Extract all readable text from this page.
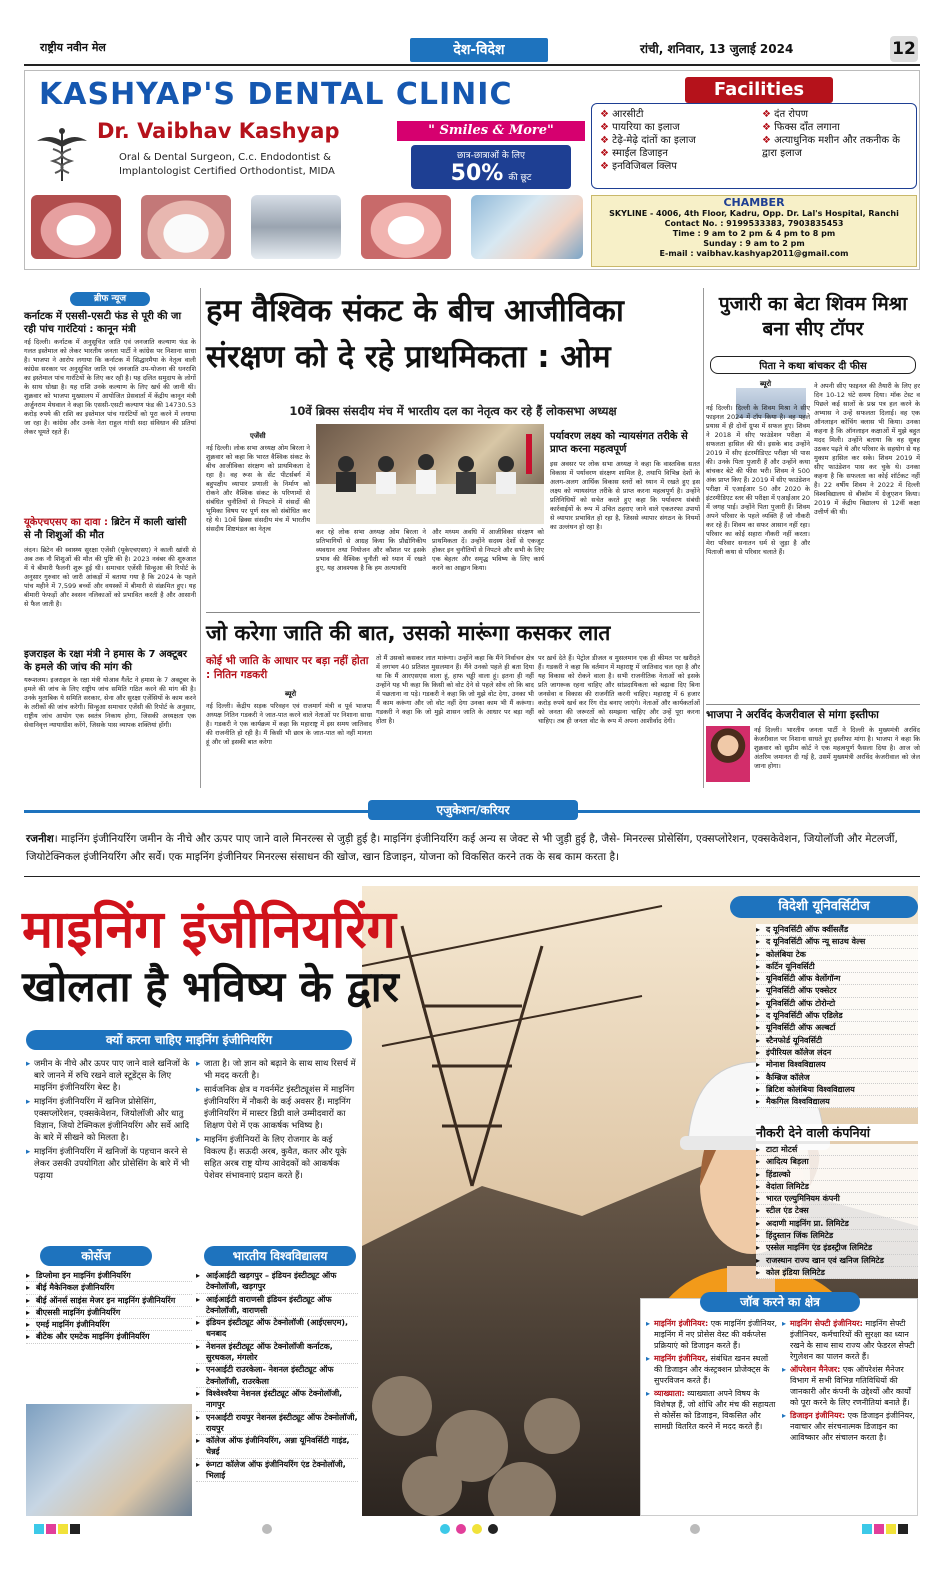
राष्ट्रीय नवीन मेल	देश-विदेश	रांची, शनिवार, 13 जुलाई 2024	12
KASHYAP'S DENTAL CLINIC
Dr. Vaibhav Kashyap
Oral & Dental Surgeon, C.c. Endodontist &
Implantologist Certified Orthodontist, MIDA
" Smiles & More"
छात्र-छात्राओं के लिए
50% की छूट
Facilities
❖ आरसीटी
❖ पायरिया का इलाज
❖ टेढ़े-मेढ़े दांतों का इलाज
❖ स्माईल डिजाइन
❖ इनविजिबल क्लिप
❖ दंत रोपण
❖ फिक्स दाँत लगाना
❖ अत्याधुनिक मशीन और तकनीक के द्वारा इलाज
CHAMBER
SKYLINE - 4006, 4th Floor, Kadru, Opp. Dr. Lal's Hospital, Ranchi
Contact No. : 9199533383, 7903835453
Time : 9 am to 2 pm & 4 pm to 8 pm
Sunday : 9 am to 2 pm
E-mail : vaibhav.kashyap2011@gmail.com
ब्रीफ न्यूज
कर्नाटक में एससी-एसटी फंड से पूरी की जा रही पांच गारंटियां : कानून मंत्री
नई दिल्ली। कर्नाटक में अनुसूचित जाति एवं जनजाति कल्याण फंड के गलत इस्तेमाल को लेकर भारतीय जनता पार्टी ने कांग्रेस पर निशाना साधा है। भाजपा ने आरोप लगाया कि कर्नाटक में सिद्धारमैया के नेतृत्व वाली कांग्रेस सरकार पर अनुसूचित जाति एवं जनजाति उप-योजना की धनराशि का इस्तेमाल पांच गारंटियों के लिए कर रही है। यह दलित समुदाय के लोगों के साथ धोखा है। यह राशि उनके कल्याण के लिए खर्च की जानी थी। शुक्रवार को भाजपा मुख्यालय में आयोजित प्रेसवार्ता में केंद्रीय कानून मंत्री अर्जुनराम मेघवाल ने कहा कि एससी-एसटी कल्याण फंड की 14730.53 करोड़ रुपये की राशि का इस्तेमाल पांच गारंटियों को पूरा करने में लगाया जा रहा है। कांग्रेस और उनके नेता राहुल गांधी सदा संविधान की प्रतियां लेकर घूमते रहते हैं।
यूकेएचएसए का दावा : ब्रिटेन में काली खांसी से नौ शिशुओं की मौत
लंदन। ब्रिटेन की स्वास्थ्य सुरक्षा एजेंसी (यूकेएचएसए) ने काली खांसी से अब तक नौ शिशुओं की मौत की पुष्टि की है। 2023 नवंबर की शुरुआत में ये बीमारी फैलनी शुरू हुई थी। समाचार एजेंसी सिन्हुआ की रिपोर्ट के अनुसार गुरुवार को जारी आंकड़ों में बताया गया है कि 2024 के पहले पांच महीने में 7,599 बच्चों और वयस्कों में बीमारी से संक्रमित हुए। यह बीमारी फेफड़ों और श्वसन नलिकाओं को प्रभावित करती है और आसानी से फैल जाती है।
इजराइल के रक्षा मंत्री ने हमास के 7 अक्टूबर के हमले की जांच की मांग की
यरूशलम। इजराइल के रक्षा मंत्री योआव गैलेंट ने हमास के 7 अक्टूबर के हमले की जांच के लिए राष्ट्रीय जांच समिति गठित करने की मांग की है। उनके मुताबिक ये समिति सरकार, सेना और सुरक्षा एजेंसियों के काम करने के तरीकों की जांच करेगी। सिन्हुआ समाचार एजेंसी की रिपोर्ट के अनुसार, राष्ट्रीय जांच आयोग एक स्वतंत्र निकाय होगा, जिसकी अध्यक्षता एक सेवानिवृत्त न्यायाधीश करेंगे, जिसके पास व्यापक शक्तियां होंगी।
हम वैश्विक संकट के बीच आजीविका
संरक्षण को दे रहे प्राथमिकता : ओम
10वें ब्रिक्स संसदीय मंच में भारतीय दल का नेतृत्व कर रहे हैं लोकसभा अध्यक्ष
एजेंसी
नई दिल्ली। लोक सभा अध्यक्ष ओम बिरला ने शुक्रवार को कहा कि भारत वैश्विक संकट के बीच आजीविका संरक्षण को प्राथमिकता दे रहा है। वह रूस के सेंट पीटर्सबर्ग में बहुपक्षीय व्यापार प्रणाली के निर्माण को रोकने और वैश्विक संकट के परिणामों से संबंधित चुनौतियों से निपटने में संसदों की भूमिका विषय पर पूर्ण सत्र को संबोधित कर रहे थे। 10वें ब्रिक्स संसदीय मंच में भारतीय संसदीय शिष्टमंडल का नेतृत्व	कर रहे लोक सभा अध्यक्ष ओम बिरला ने प्रतिभागियों से आग्रह किया कि प्रौद्योगिकीय व्यवधान तथा नियोजन और कौशल पर इसके प्रभाव की वैश्विक चुनौती को ध्यान में रखते हुए, यह आवश्यक है कि हम अल्पावधि
और मध्यम अवधि में आजीविका संरक्षण को प्राथमिकता दें। उन्होंने सदस्य देशों से एकजुट होकर इन चुनौतियों से निपटने और सभी के लिए एक बेहतर और समृद्ध भविष्य के लिए कार्य करने का आह्वान किया।
पर्यावरण लक्ष्य को न्यायसंगत तरीके से प्राप्त करना महत्वपूर्ण
इस अवसर पर लोक सभा अध्यक्ष ने कहा कि वास्तविक सतत विकास में पर्यावरण संरक्षण शामिल है, तथापि विभिन्न देशों के अलग-अलग आर्थिक विकास स्तरों को ध्यान में रखते हुए इस लक्ष्य को न्यायसंगत तरीके से प्राप्त करना महत्वपूर्ण है। उन्होंने प्रतिनिधियों को सचेत करते हुए कहा कि पर्यावरण संबंधी कार्रवाईयों के रूप में उचित ठहराए जाने वाले एकतरफा उपायों से व्यापार प्रभावित हो रहा है, जिससे व्यापार संगठन के नियमों का उल्लंघन हो रहा है।
जो करेगा जाति की बात, उसको मारूंगा कसकर लात
कोई भी जाति के आधार पर बड़ा नहीं होता : नितिन गडकरी
ब्यूरो
नई दिल्ली। केंद्रीय सड़क परिवहन एवं राजमार्ग मंत्री व पूर्व भाजपा अध्यक्ष नितिन गडकरी ने जात-पात करने वाले नेताओं पर निशाना साधा है। गडकरी ने एक कार्यक्रम में कहा कि महाराष्ट्र में इस समय जातिवाद की राजनीति हो रही है। मैं किसी भी छात्र के जात-पात को नहीं मानता हूं और जो इसकी बात करेगा
तो मैं उसको कसकर लात मारूंगा। उन्होंने कहा कि मैंने निर्वाचन क्षेत्र में लगभग 40 प्रतिशत मुसलमान हैं। मैंने उनको पहले ही बता दिया था कि मैं आरएसएस वाला हूं, हाफ चड्ढी वाला हूं। इतना ही नहीं उन्होंने यह भी कहा कि किसी को वोट देने से पहले सोच लो कि बाद में पछताना ना पड़े। गडकरी ने कहा कि जो मुझे वोट देगा, उनका भी मैं काम करूंगा और जो वोट नहीं देगा उनका काम भी मैं करूंगा। गडकरी ने कहा कि जो मुझे शासन जाति के आधार पर बड़ा नहीं होता है।
पर ख़र्च देते हैं। पेट्रोल डीजल व मुसलमान एक ही कीमत पर खरीदते हैं। गडकरी ने कहा कि वर्तमान में महाराष्ट्र में जातिवाद चल रहा है और यह विकास को रोकने वाला है। सभी राजनीतिक नेताओं को इसके प्रति जागरूक रहना चाहिए और सांप्रदायिकता को बढ़ावा दिए बिना जनसेवा व विकास की राजनीति करनी चाहिए। महाराष्ट्र में 6 हजार करोड़ रुपये खर्च कर रिंग रोड बनाए जाएंगे। नेताओं और कार्यकर्ताओं को जनता की जरूरतों को समझना चाहिए और उन्हें पूरा करना चाहिए। तब ही जनता वोट के रूप में अपना आशीर्वाद देगी।
पुजारी का बेटा शिवम मिश्रा बना सीए टॉपर
पिता ने कथा बांचकर दी फीस
ब्यूरो
नई दिल्ली। दिल्ली के शिवम मिश्रा ने सीए फाइनल 2024 में टॉप किया है। वह पहले प्रयास में ही दोनों ग्रुप्स में सफल हुए। शिवम ने 2018 में सीए फाउंडेशन परीक्षा में सफलता हासिल की थी। इसके बाद उन्होंने 2019 में सीए इंटरमीडिएट परीक्षा भी पास की। उनके पिता पुजारी हैं और उन्होंने कथा बांचकर बेटे की फीस भरी। शिवम ने 500 अंक प्राप्त किए हैं। 2019 में सीए फाउंडेशन परीक्षा में एआईआर 50 और 2020 के इंटरमीडिएट स्तर की परीक्षा में एआईआर 20 में जगह पाई। उन्होंने पिता पुजारी हैं। शिवम अपने परिवार के पहले व्यक्ति हैं जो नौकरी कर रहे हैं। शिवम का सफर आसान नहीं रहा। परिवार का कोई सहारा नौकरी नहीं करता। मेरा परिवार सनातन धर्म से जुड़ा है और पिताजी कथा से परिवार चलाते हैं।
ने अपनी सीए फाइनल की तैयारी के लिए हर दिन 10-12 घंटे समय दिया। मॉक टेस्ट व पिछले कई सालों के प्रश्न पत्र हल करने के अभ्यास ने उन्हें सफलता दिलाई। वह एक ऑनलाइन कोचिंग क्लास भी किया। उनका कहना है कि ऑनलाइन कक्षाओं में मुझे बहुत मदद मिली। उन्होंने बताया कि वह सुबह उठकर पढ़ते थे और परिवार के सहयोग से यह मुकाम हासिल कर सके। शिवम 2019 में सीए फाउंडेशन पास कर चुके थे। उनका कहना है कि सफलता का कोई शॉर्टकट नहीं है। 22 वर्षीय शिवम ने 2022 में दिल्ली विश्वविद्यालय से बीकॉम में ग्रेजुएशन किया। 2019 में केंद्रीय विद्यालय से 12वीं कक्षा उत्तीर्ण की थी।
भाजपा ने अरविंद केजरीवाल से मांगा इस्तीफा
नई दिल्ली। भारतीय जनता पार्टी ने दिल्ली के मुख्यमंत्री अरविंद केजरीवाल पर निशाना साधते हुए इस्तीफा मांगा है। भाजपा ने कहा कि शुक्रवार को सुप्रीम कोर्ट ने एक महत्वपूर्ण फैसला दिया है। आज जो अंतरिम जमानत दी गई है, उसमें मुख्यमंत्री अरविंद केजरीवाल को जेल जाना होगा।
एजुकेशन/करियर
रजनीश। माइनिंग इंजीनियरिंग जमीन के नीचे और ऊपर पाए जाने वाले मिनरल्स से जुड़ी हुई है। माइनिंग इंजीनियरिंग कई अन्य स जेक्ट से भी जुड़ी हुई है, जैसे- मिनरल्स प्रोसेसिंग, एक्सप्लोरेशन, एक्सकेवेशन, जियोलॉजी और मेटलर्जी, जियोटेक्निकल इंजीनियरिंग और सर्वे। एक माइनिंग इंजीनियर मिनरल्स संसाधन की खोज, खान डिजाइन, योजना को विकसित करने तक के सब काम करता है।
माइनिंग इंजीनियरिंग
खोलता है भविष्य के द्वार
क्यों करना चाहिए माइनिंग इंजीनियरिंग
▸ जमीन के नीचे और ऊपर पाए जाने वाले खनिजों के बारे जानने में रुचि रखने वाले स्टूडेंट्स के लिए माइनिंग इंजीनियरिंग बेस्ट है।
▸ माइनिंग इंजीनियरिंग में खनिज प्रोसेसिंग, एक्सप्लोरेशन, एक्सकेवेशन, जियोलॉजी और धातु विज्ञान, जियो टेक्निकल इंजीनियरिंग और सर्वे आदि के बारे में सीखने को मिलता है।
▸ माइनिंग इंजीनियरिंग में खनिजों के पहचान करने से लेकर उसकी उपयोगिता और प्रोसेसिंग के बारे में भी पढ़ाया
▸ जाता है। जो ज्ञान को बढ़ाने के साथ साथ रिसर्च में भी मदद करती है।
▸ सार्वजनिक क्षेत्र व गवर्नमेंट इंस्टीट्यूशंस में माइनिंग इंजीनियरिंग में नौकरी के कई अवसर हैं। माइनिंग इंजीनियरिंग में मास्टर डिग्री वाले उम्मीदवारों का शिक्षण पेशे में एक आकर्षक भविष्य है।
▸ माइनिंग इंजीनियरों के लिए रोजगार के कई विकल्प हैं। सऊदी अरब, कुवैत, कतर और यूके सहित अरब राष्ट्र योग्य आवेदकों को आकर्षक पेशेवर संभावनाएं प्रदान करते हैं।
कोर्सेज
▸ डिप्लोमा इन माइनिंग इंजीनियरिंग
▸ बीई मैकेनिकल इंजीनियरिंग
▸ बीई ऑनर्स साइंस मेजर इन माइनिंग इंजीनियरिंग
▸ बीएससी माइनिंग इंजीनियरिंग
▸ एमई माइनिंग इंजीनियरिंग
▸ बीटेक और एमटेक माइनिंग इंजीनियरिंग
भारतीय विश्वविद्यालय
▸ आईआईटी खड़गपुर – इंडियन इंस्टीट्यूट ऑफ टेक्नोलॉजी, खड़गपुर
▸ आईआईटी वाराणसी इंडियन इंस्टीट्यूट ऑफ टेक्नोलॉजी, वाराणसी
▸ इंडियन इंस्टीट्यूट ऑफ टेक्नोलॉजी (आईएसएम), धनबाद
▸ नेशनल इंस्टीट्यूट ऑफ टेक्नोलॉजी कर्नाटक, सुरथकल, मंगलोर
▸ एनआईटी राउरकेला- नेशनल इंस्टीट्यूट ऑफ टेक्नोलॉजी, राउरकेला
▸ विश्वेश्वरैया नेशनल इंस्टीट्यूट ऑफ टेक्नोलॉजी, नागपुर
▸ एनआईटी रायपुर नेशनल इंस्टीट्यूट ऑफ टेक्नोलॉजी, रायपुर
▸ कॉलेज ऑफ इंजीनियरिंग, अन्ना यूनिवर्सिटी गाइंड, चेन्नई
▸ रूंगटा कॉलेज ऑफ इंजीनियरिंग एंड टेक्नोलॉजी, भिलाई
विदेशी यूनिवर्सिटीज
▸ द यूनिवर्सिटी ऑफ क्वींसलैंड
▸ द यूनिवर्सिटी ऑफ न्यू साउथ वेल्स
▸ कोलंबिया टेक
▸ कर्टिन यूनिवर्सिटी
▸ यूनिवर्सिटी ऑफ वेलोंगॉन्ग
▸ यूनिवर्सिटी ऑफ एक्सेटर
▸ यूनिवर्सिटी ऑफ टोरोन्टो
▸ द यूनिवर्सिटी ऑफ एडिलेड
▸ यूनिवर्सिटी ऑफ अल्बर्टा
▸ स्टैनफोर्ड यूनिवर्सिटी
▸ इंपीरियल कॉलेज लंदन
▸ मोनाश विश्वविद्यालय
▸ कैम्ब्रिज कॉलेज
▸ ब्रिटिश कोलंबिया विश्वविद्यालय
▸ मैकगिल विश्वविद्यालय
नौकरी देने वाली कंपनियां
▸ टाटा मोटर्स
▸ आदित्य बिड़ला
▸ हिंडाल्को
▸ वेदांता लिमिटेड
▸ भारत एल्युमिनियम कंपनी
▸ स्टील एंड टेक्स
▸ अदाणी माइनिंग प्रा. लिमिटेड
▸ हिंदुस्तान जिंक लिमिटेड
▸ एस्सेल माइनिंग एंड इंडस्ट्रीज लिमिटेड
▸ राजस्थान राज्य खान एवं खनिज लिमिटेड
▸ कोल इंडिया लिमिटेड
जॉब करने का क्षेत्र
▸ माइनिंग इंजीनियर: एक माइनिंग इंजीनियर, माइनिंग में नए प्रोसेस वेस्ट की वर्कप्लेस प्रक्रियाएं को डिजाइन करते हैं।
▸ माइनिंग इंजीनियर, संबंधित खनन स्थलों की डिजाइन और कंस्ट्रक्शन प्रोजेक्ट्स के सुपरविजन करते हैं।
▸ व्याख्याता: व्याख्याता अपने विषय के विशेषज्ञ हैं, जो शोधि और मंच की सहायता से कोर्सेस को डिजाइन, विकसित और सामग्री वितरित करने में मदद करते हैं।
▸ माइनिंग सेफ्टी इंजीनियर: माइनिंग सेफ्टी इंजीनियर, कर्मचारियों की सुरक्षा का ध्यान रखने के साथ साथ राज्य और फेडरल सेफ्टी रेगुलेशन का पालन करते हैं।
▸ ऑपरेशन मैनेजर: एक ऑपरेशंस मैनेजर विभाग में सभी विभिन्न गतिविधियों की जानकारी और कंपनी के उद्देश्यों और कार्यों को पूरा करने के लिए रणनीतियां बनाते हैं।
▸ डिजाइन इंजीनियर: एक डिजाइन इंजीनियर, नवाचार और संरचनात्मक डिजाइन का आविष्कार और संचालन करता है।
